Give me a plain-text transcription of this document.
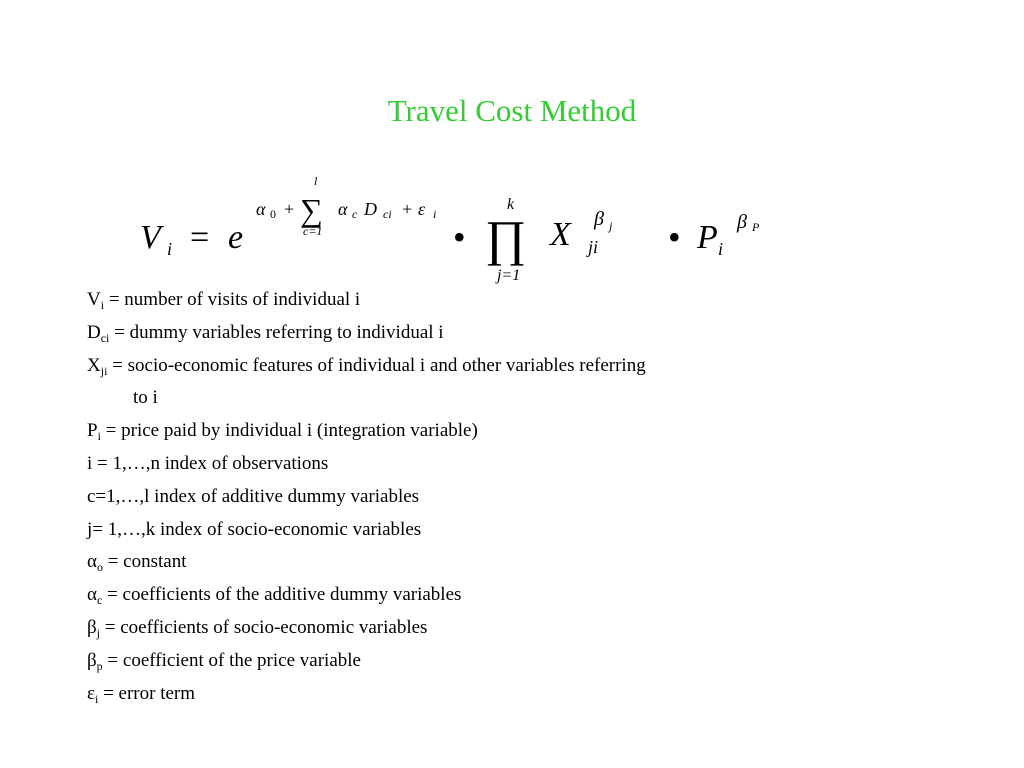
Travel Cost Method
V i = e
α 0 +
l
∑
c=1
α c D ci + ε i
•
k
∏
j=1
X ji
β j • P i
β P
$V_i$ = number of visits of individual i
$D_{ci}$ = dummy variables referring to individual i
$X_{ji}$ = socio-economic features of individual i and other variables referring
to i
$P_i$ = price paid by individual i (integration variable)
i = 1,…,n index of observations
c=1,…,l index of additive dummy variables
j= 1,…,k index of socio-economic variables
$\alpha_o$ = constant
$\alpha_c$ = coefficients of the additive dummy variables
$\beta_j$ = coefficients of socio-economic variables
$\beta_p$ = coefficient of the price variable
$\varepsilon_i$ = error term
